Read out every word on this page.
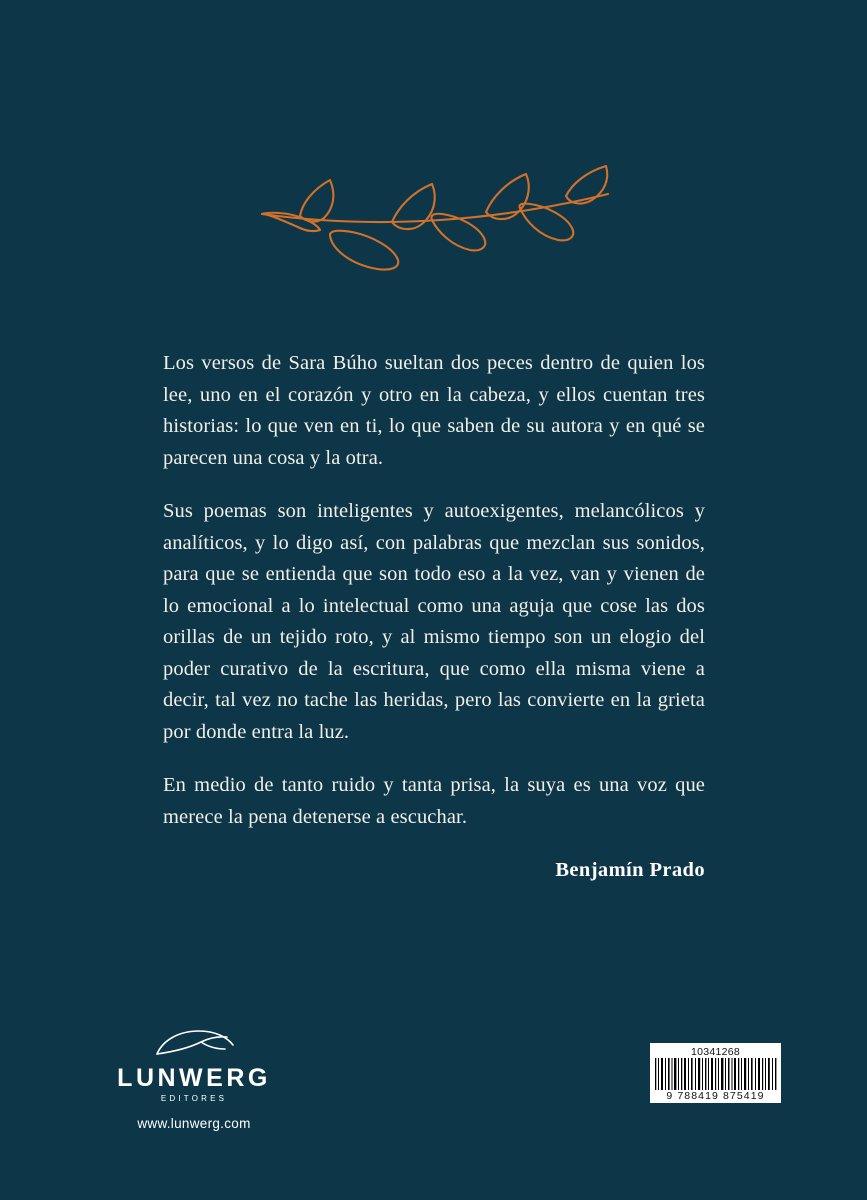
Los versos de Sara Búho sueltan dos peces dentro de quien los lee, uno en el corazón y otro en la cabeza, y ellos cuentan tres historias: lo que ven en ti, lo que saben de su autora y en qué se parecen una cosa y la otra.

Sus poemas son inteligentes y autoexigentes, melancólicos y analíticos, y lo digo así, con palabras que mezclan sus sonidos, para que se entienda que son todo eso a la vez, van y vienen de lo emocional a lo intelectual como una aguja que cose las dos orillas de un tejido roto, y al mismo tiempo son un elogio del poder curativo de la escritura, que como ella misma viene a decir, tal vez no tache las heridas, pero las convierte en la grieta por donde entra la luz.

En medio de tanto ruido y tanta prisa, la suya es una voz que merece la pena detenerse a escuchar.

Benjamín Prado
LUNWERG
EDITORES
www.lunwerg.com
10341268
9 788419 875419
